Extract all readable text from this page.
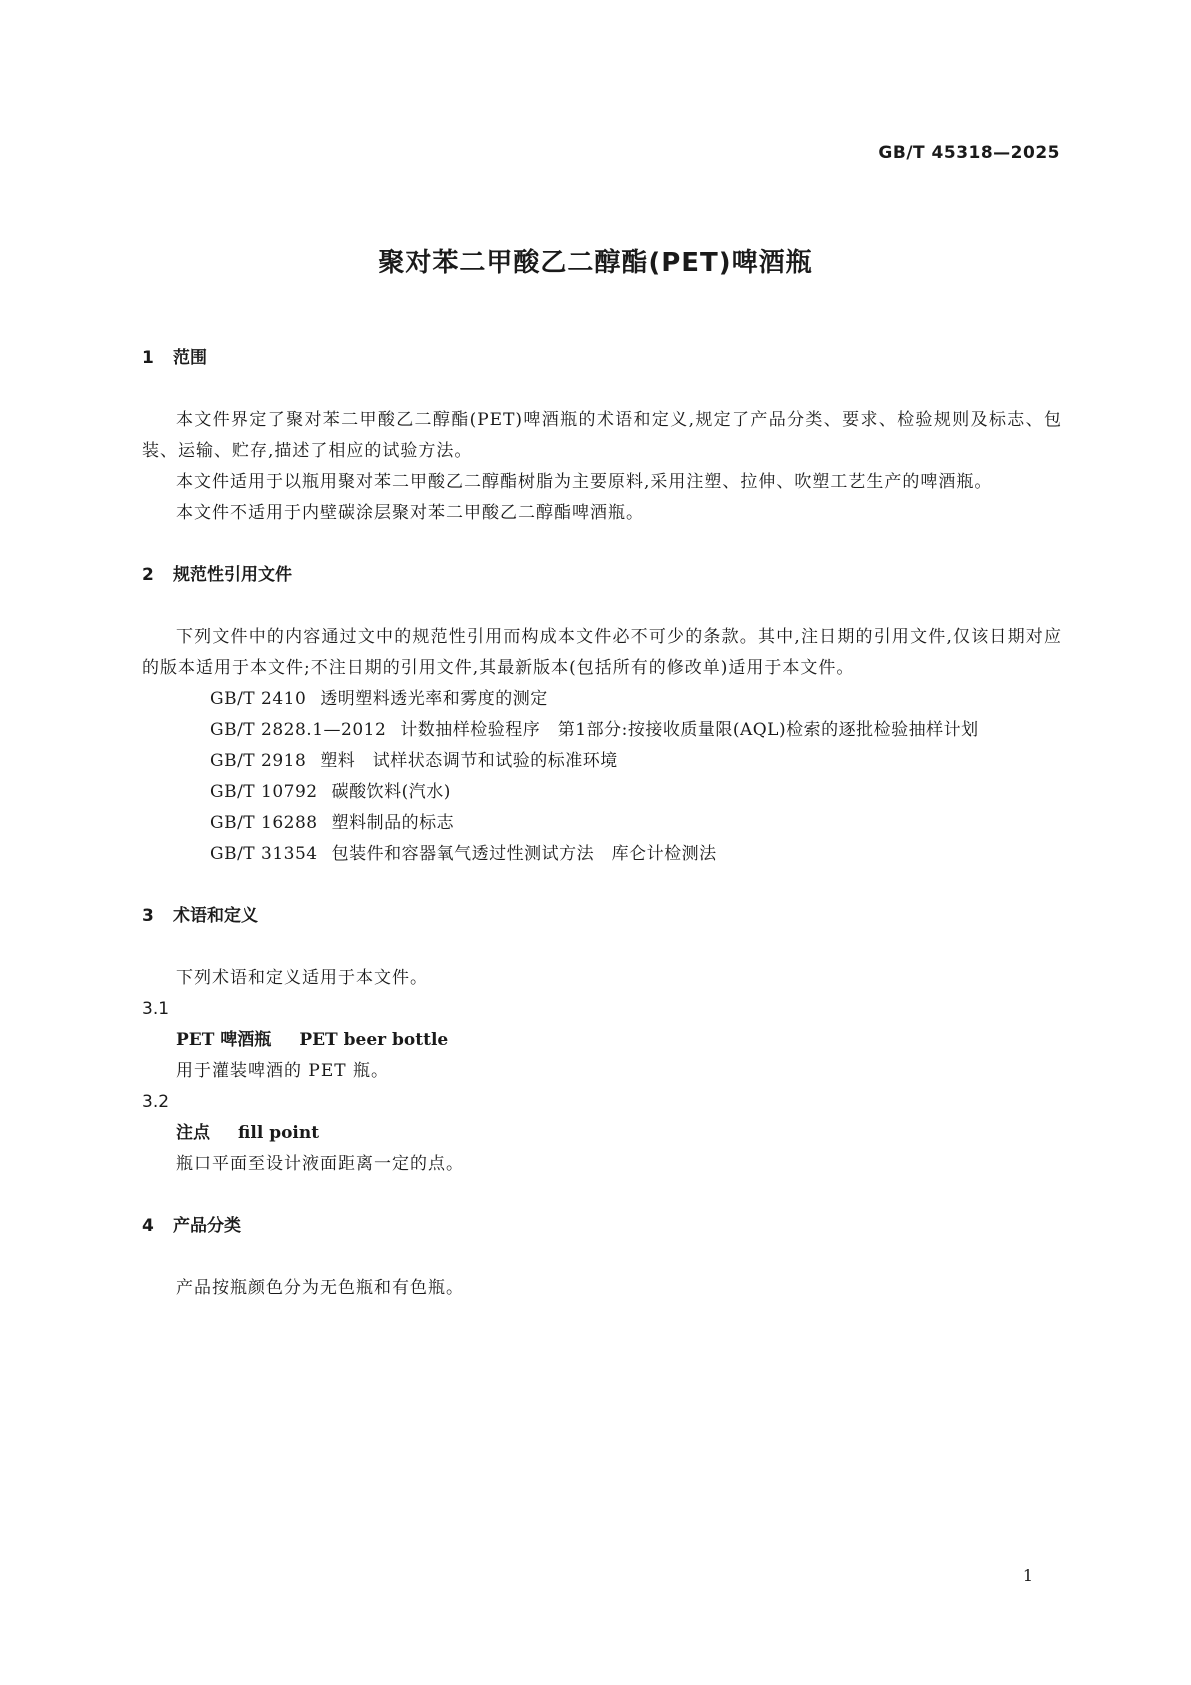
GB/T 45318—2025
聚对苯二甲酸乙二醇酯(PET)啤酒瓶
1 范围
本文件界定了聚对苯二甲酸乙二醇酯(PET)啤酒瓶的术语和定义,规定了产品分类、要求、检验规则及标志、包装、运输、贮存,描述了相应的试验方法。
本文件适用于以瓶用聚对苯二甲酸乙二醇酯树脂为主要原料,采用注塑、拉伸、吹塑工艺生产的啤酒瓶。
本文件不适用于内壁碳涂层聚对苯二甲酸乙二醇酯啤酒瓶。
2 规范性引用文件
下列文件中的内容通过文中的规范性引用而构成本文件必不可少的条款。其中,注日期的引用文件,仅该日期对应的版本适用于本文件;不注日期的引用文件,其最新版本(包括所有的修改单)适用于本文件。
GB/T 2410 透明塑料透光率和雾度的测定
GB/T 2828.1—2012 计数抽样检验程序　第1部分:按接收质量限(AQL)检索的逐批检验抽样计划
GB/T 2918 塑料　试样状态调节和试验的标准环境
GB/T 10792 碳酸饮料(汽水)
GB/T 16288 塑料制品的标志
GB/T 31354 包装件和容器氧气透过性测试方法　库仑计检测法
3 术语和定义
下列术语和定义适用于本文件。
3.1
PET 啤酒瓶 PET beer bottle
用于灌装啤酒的 PET 瓶。
3.2
注点 fill point
瓶口平面至设计液面距离一定的点。
4 产品分类
产品按瓶颜色分为无色瓶和有色瓶。
1
